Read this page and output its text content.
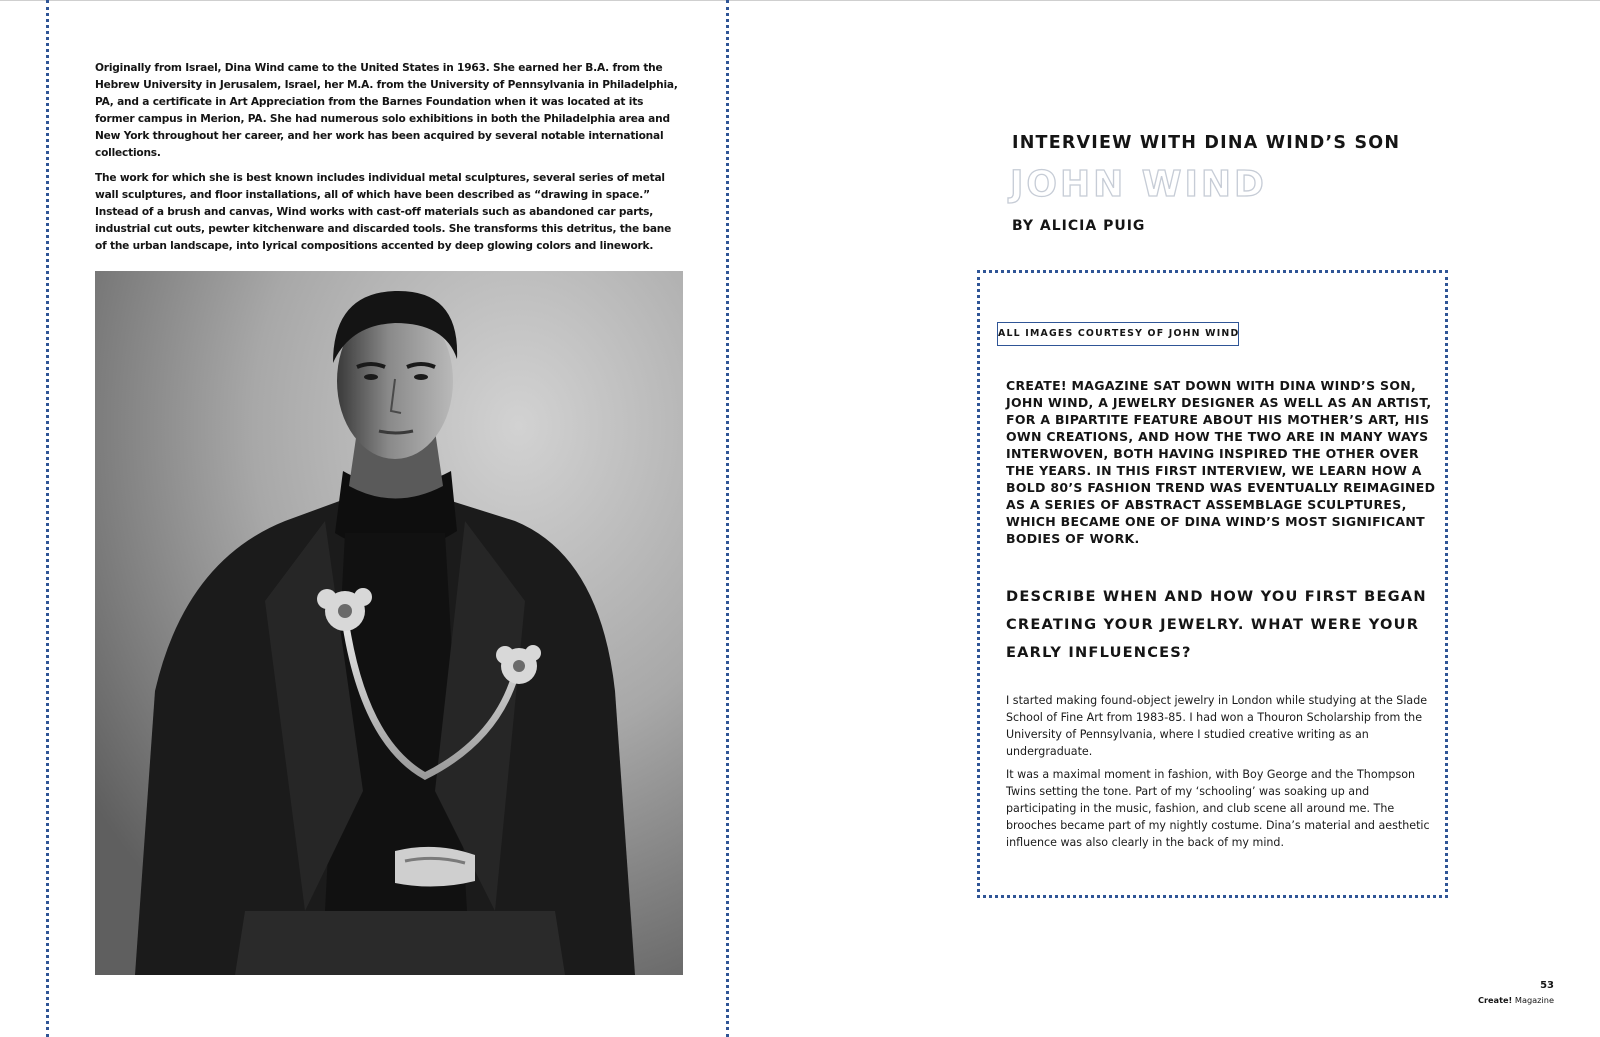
Originally from Israel, Dina Wind came to the United States in 1963. She earned her B.A. from the Hebrew University in Jerusalem, Israel, her M.A. from the University of Pennsylvania in Philadelphia, PA, and a certificate in Art Appreciation from the Barnes Foundation when it was located at its former campus in Merion, PA. She had numerous solo exhibitions in both the Philadelphia area and New York throughout her career, and her work has been acquired by several notable international collections.

The work for which she is best known includes individual metal sculptures, several series of metal wall sculptures, and floor installations, all of which have been described as “drawing in space.” Instead of a brush and canvas, Wind works with cast-off materials such as abandoned car parts, industrial cut outs, pewter kitchenware and discarded tools. She transforms this detritus, the bane of the urban landscape, into lyrical compositions accented by deep glowing colors and linework.

INTERVIEW WITH DINA WIND’S SON
JOHN WIND
BY ALICIA PUIG
ALL IMAGES COURTESY OF JOHN WIND

CREATE! MAGAZINE SAT DOWN WITH DINA WIND’S SON, JOHN WIND, A JEWELRY DESIGNER AS WELL AS AN ARTIST, FOR A BIPARTITE FEATURE ABOUT HIS MOTHER’S ART, HIS OWN CREATIONS, AND HOW THE TWO ARE IN MANY WAYS INTERWOVEN, BOTH HAVING INSPIRED THE OTHER OVER THE YEARS. IN THIS FIRST INTERVIEW, WE LEARN HOW A BOLD 80’S FASHION TREND WAS EVENTUALLY REIMAGINED AS A SERIES OF ABSTRACT ASSEMBLAGE SCULPTURES, WHICH BECAME ONE OF DINA WIND’S MOST SIGNIFICANT BODIES OF WORK.

DESCRIBE WHEN AND HOW YOU FIRST BEGAN CREATING YOUR JEWELRY. WHAT WERE YOUR EARLY INFLUENCES?

I started making found-object jewelry in London while studying at the Slade School of Fine Art from 1983-85. I had won a Thouron Scholarship from the University of Pennsylvania, where I studied creative writing as an undergraduate.

It was a maximal moment in fashion, with Boy George and the Thompson Twins setting the tone. Part of my ‘schooling’ was soaking up and participating in the music, fashion, and club scene all around me. The brooches became part of my nightly costume. Dina’s material and aesthetic influence was also clearly in the back of my mind.

53
Create! Magazine
